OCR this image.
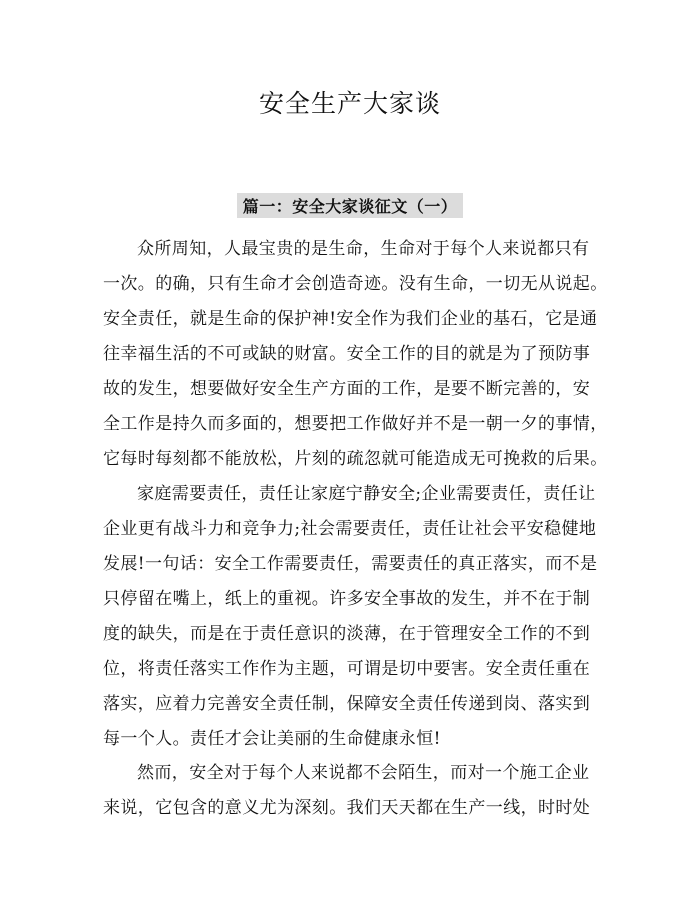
安全生产大家谈
篇一：安全大家谈征文（一）
众所周知，人最宝贵的是生命，生命对于每个人来说都只有
一次。的确，只有生命才会创造奇迹。没有生命，一切无从说起。
安全责任，就是生命的保护神!安全作为我们企业的基石，它是通
往幸福生活的不可或缺的财富。安全工作的目的就是为了预防事
故的发生，想要做好安全生产方面的工作，是要不断完善的，安
全工作是持久而多面的，想要把工作做好并不是一朝一夕的事情，
它每时每刻都不能放松，片刻的疏忽就可能造成无可挽救的后果。
家庭需要责任，责任让家庭宁静安全;企业需要责任，责任让
企业更有战斗力和竞争力;社会需要责任，责任让社会平安稳健地
发展!一句话：安全工作需要责任，需要责任的真正落实，而不是
只停留在嘴上，纸上的重视。许多安全事故的发生，并不在于制
度的缺失，而是在于责任意识的淡薄，在于管理安全工作的不到
位，将责任落实工作作为主题，可谓是切中要害。安全责任重在
落实，应着力完善安全责任制，保障安全责任传递到岗、落实到
每一个人。责任才会让美丽的生命健康永恒!
然而，安全对于每个人来说都不会陌生，而对一个施工企业
来说，它包含的意义尤为深刻。我们天天都在生产一线，时时处
